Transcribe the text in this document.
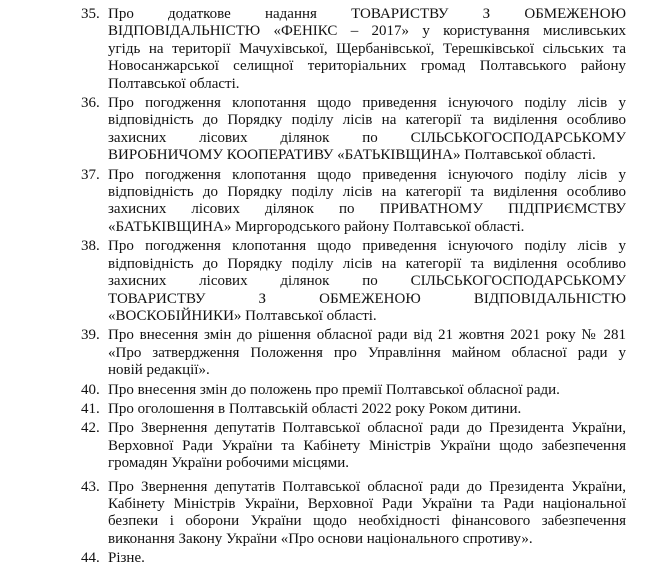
35. Про додаткове надання ТОВАРИСТВУ З ОБМЕЖЕНОЮ
ВІДПОВІДАЛЬНІСТЮ «ФЕНІКС – 2017» у користування мисливських
угідь на території Мачухівської, Щербанівської, Терешківської сільських та
Новосанжарської селищної територіальних громад Полтавського району
Полтавської області.
36. Про погодження клопотання щодо приведення існуючого поділу лісів у
відповідність до Порядку поділу лісів на категорії та виділення особливо
захисних лісових ділянок по СІЛЬСЬКОГОСПОДАРСЬКОМУ
ВИРОБНИЧОМУ КООПЕРАТИВУ «БАТЬКІВЩИНА» Полтавської області.
37. Про погодження клопотання щодо приведення існуючого поділу лісів у
відповідність до Порядку поділу лісів на категорії та виділення особливо
захисних лісових ділянок по ПРИВАТНОМУ ПІДПРИЄМСТВУ
«БАТЬКІВЩИНА» Миргородського району Полтавської області.
38. Про погодження клопотання щодо приведення існуючого поділу лісів у
відповідність до Порядку поділу лісів на категорії та виділення особливо
захисних лісових ділянок по СІЛЬСЬКОГОСПОДАРСЬКОМУ
ТОВАРИСТВУ З ОБМЕЖЕНОЮ ВІДПОВІДАЛЬНІСТЮ
«ВОСКОБІЙНИКИ» Полтавської області.
39. Про внесення змін до рішення обласної ради від 21 жовтня 2021 року № 281
«Про затвердження Положення про Управління майном обласної ради у
новій редакції».
40. Про внесення змін до положень про премії Полтавської обласної ради.
41. Про оголошення в Полтавській області 2022 року Роком дитини.
42. Про Звернення депутатів Полтавської обласної ради до Президента України,
Верховної Ради України та Кабінету Міністрів України щодо забезпечення
громадян України робочими місцями.
43. Про Звернення депутатів Полтавської обласної ради до Президента України,
Кабінету Міністрів України, Верховної Ради України та Ради національної
безпеки і оборони України щодо необхідності фінансового забезпечення
виконання Закону України «Про основи національного спротиву».
44. Різне.
